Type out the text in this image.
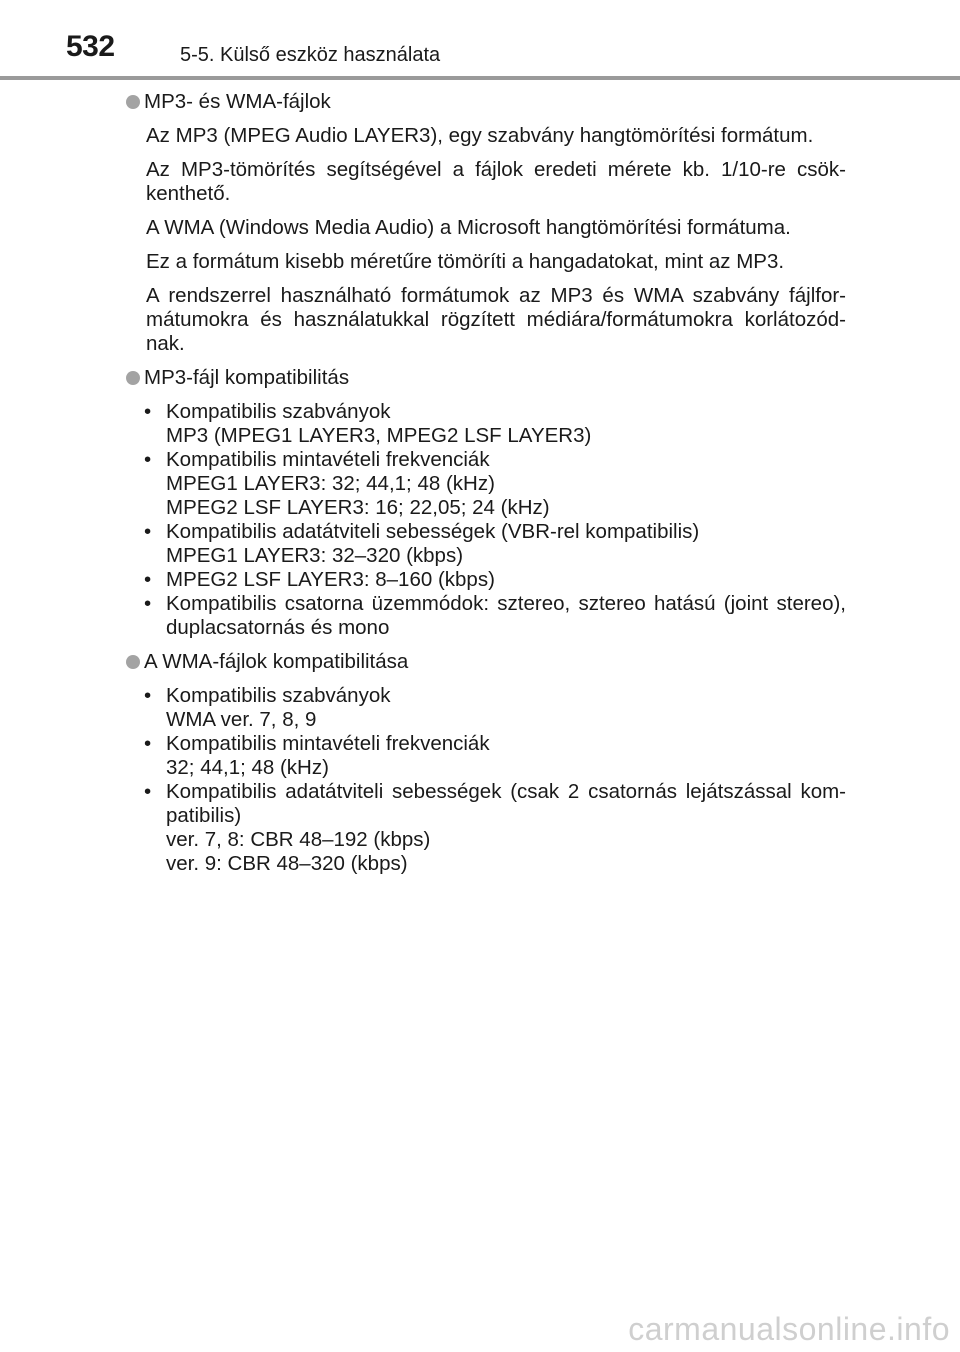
532	5-5. Külső eszköz használata
MP3- és WMA-fájlok

Az MP3 (MPEG Audio LAYER3), egy szabvány hangtömörítési formátum.

Az MP3-tömörítés segítségével a fájlok eredeti mérete kb. 1/10-re csök-kenthető.

A WMA (Windows Media Audio) a Microsoft hangtömörítési formátuma.

Ez a formátum kisebb méretűre tömöríti a hangadatokat, mint az MP3.

A rendszerrel használható formátumok az MP3 és WMA szabvány fájlfor-mátumokra és használatukkal rögzített médiára/formátumokra korlátozód-nak.

MP3-fájl kompatibilitás
• Kompatibilis szabványok
MP3 (MPEG1 LAYER3, MPEG2 LSF LAYER3)
• Kompatibilis mintavételi frekvenciák
MPEG1 LAYER3: 32; 44,1; 48 (kHz)
MPEG2 LSF LAYER3: 16; 22,05; 24 (kHz)
• Kompatibilis adatátviteli sebességek (VBR-rel kompatibilis)
MPEG1 LAYER3: 32–320 (kbps)
• MPEG2 LSF LAYER3: 8–160 (kbps)
• Kompatibilis csatorna üzemmódok: sztereo, sztereo hatású (joint stereo), duplacsatornás és mono
A WMA-fájlok kompatibilitása
• Kompatibilis szabványok
WMA ver. 7, 8, 9
• Kompatibilis mintavételi frekvenciák
32; 44,1; 48 (kHz)
• Kompatibilis adatátviteli sebességek (csak 2 csatornás lejátszással kom-patibilis)
ver. 7, 8: CBR 48–192 (kbps)
ver. 9: CBR 48–320 (kbps)
carmanualsonline.info
